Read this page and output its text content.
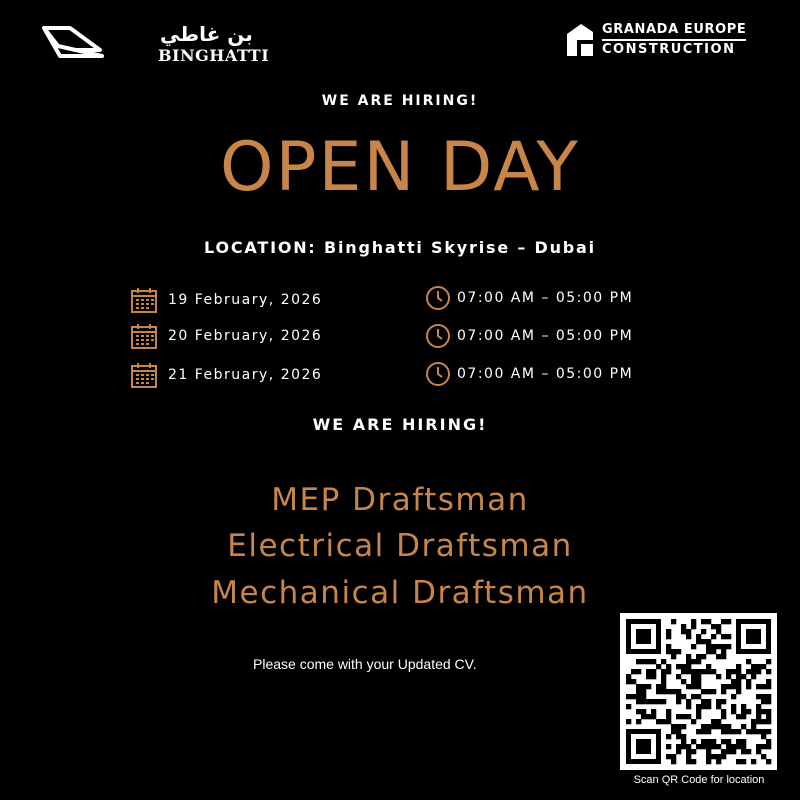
بن غاطي
BINGHATTI
GRANADA EUROPE
CONSTRUCTION
WE ARE HIRING!
OPEN DAY
LOCATION: Binghatti Skyrise – Dubai
19 February, 2026	07:00 AM – 05:00 PM
20 February, 2026	07:00 AM – 05:00 PM
21 February, 2026	07:00 AM – 05:00 PM
WE ARE HIRING!
MEP Draftsman
Electrical Draftsman
Mechanical Draftsman
Please come with your Updated CV.
Scan QR Code for location
